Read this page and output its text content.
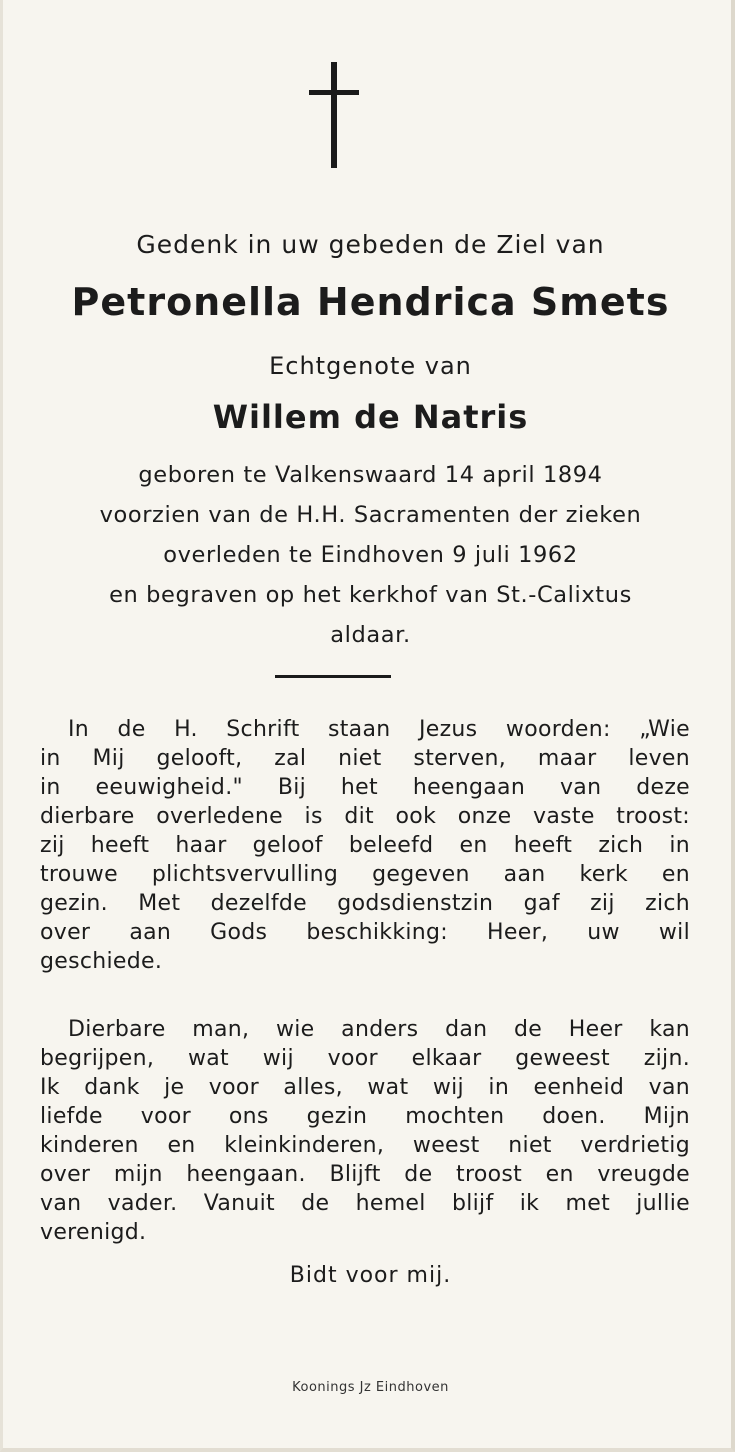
Gedenk in uw gebeden de Ziel van
Petronella Hendrica Smets
Echtgenote van
Willem de Natris
geboren te Valkenswaard 14 april 1894
voorzien van de H.H. Sacramenten der zieken
overleden te Eindhoven 9 juli 1962
en begraven op het kerkhof van St.-Calixtus
aldaar.
In de H. Schrift staan Jezus woorden: „Wie
in Mij gelooft, zal niet sterven, maar leven
in eeuwigheid." Bij het heengaan van deze
dierbare overledene is dit ook onze vaste troost:
zij heeft haar geloof beleefd en heeft zich in
trouwe plichtsvervulling gegeven aan kerk en
gezin. Met dezelfde godsdienstzin gaf zij zich
over aan Gods beschikking: Heer, uw wil
geschiede.
Dierbare man, wie anders dan de Heer kan
begrijpen, wat wij voor elkaar geweest zijn.
Ik dank je voor alles, wat wij in eenheid van
liefde voor ons gezin mochten doen. Mijn
kinderen en kleinkinderen, weest niet verdrietig
over mijn heengaan. Blijft de troost en vreugde
van vader. Vanuit de hemel blijf ik met jullie
verenigd.
Bidt voor mij.
Koonings Jz Eindhoven
